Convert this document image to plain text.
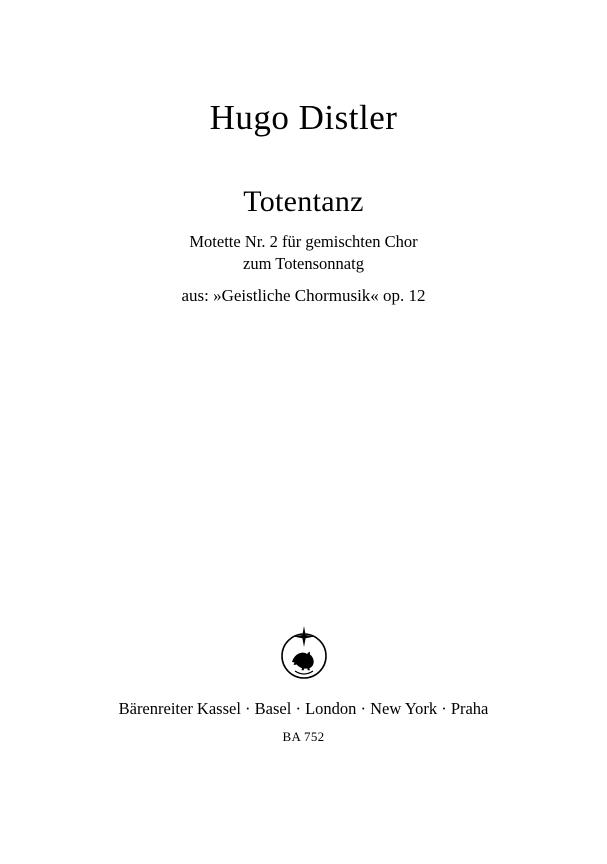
Hugo Distler
Totentanz
Motette Nr. 2 für gemischten Chor
zum Totensonnatg
aus: »Geistliche Chormusik« op. 12
Bärenreiter Kassel · Basel · London · New York · Praha
BA 752
